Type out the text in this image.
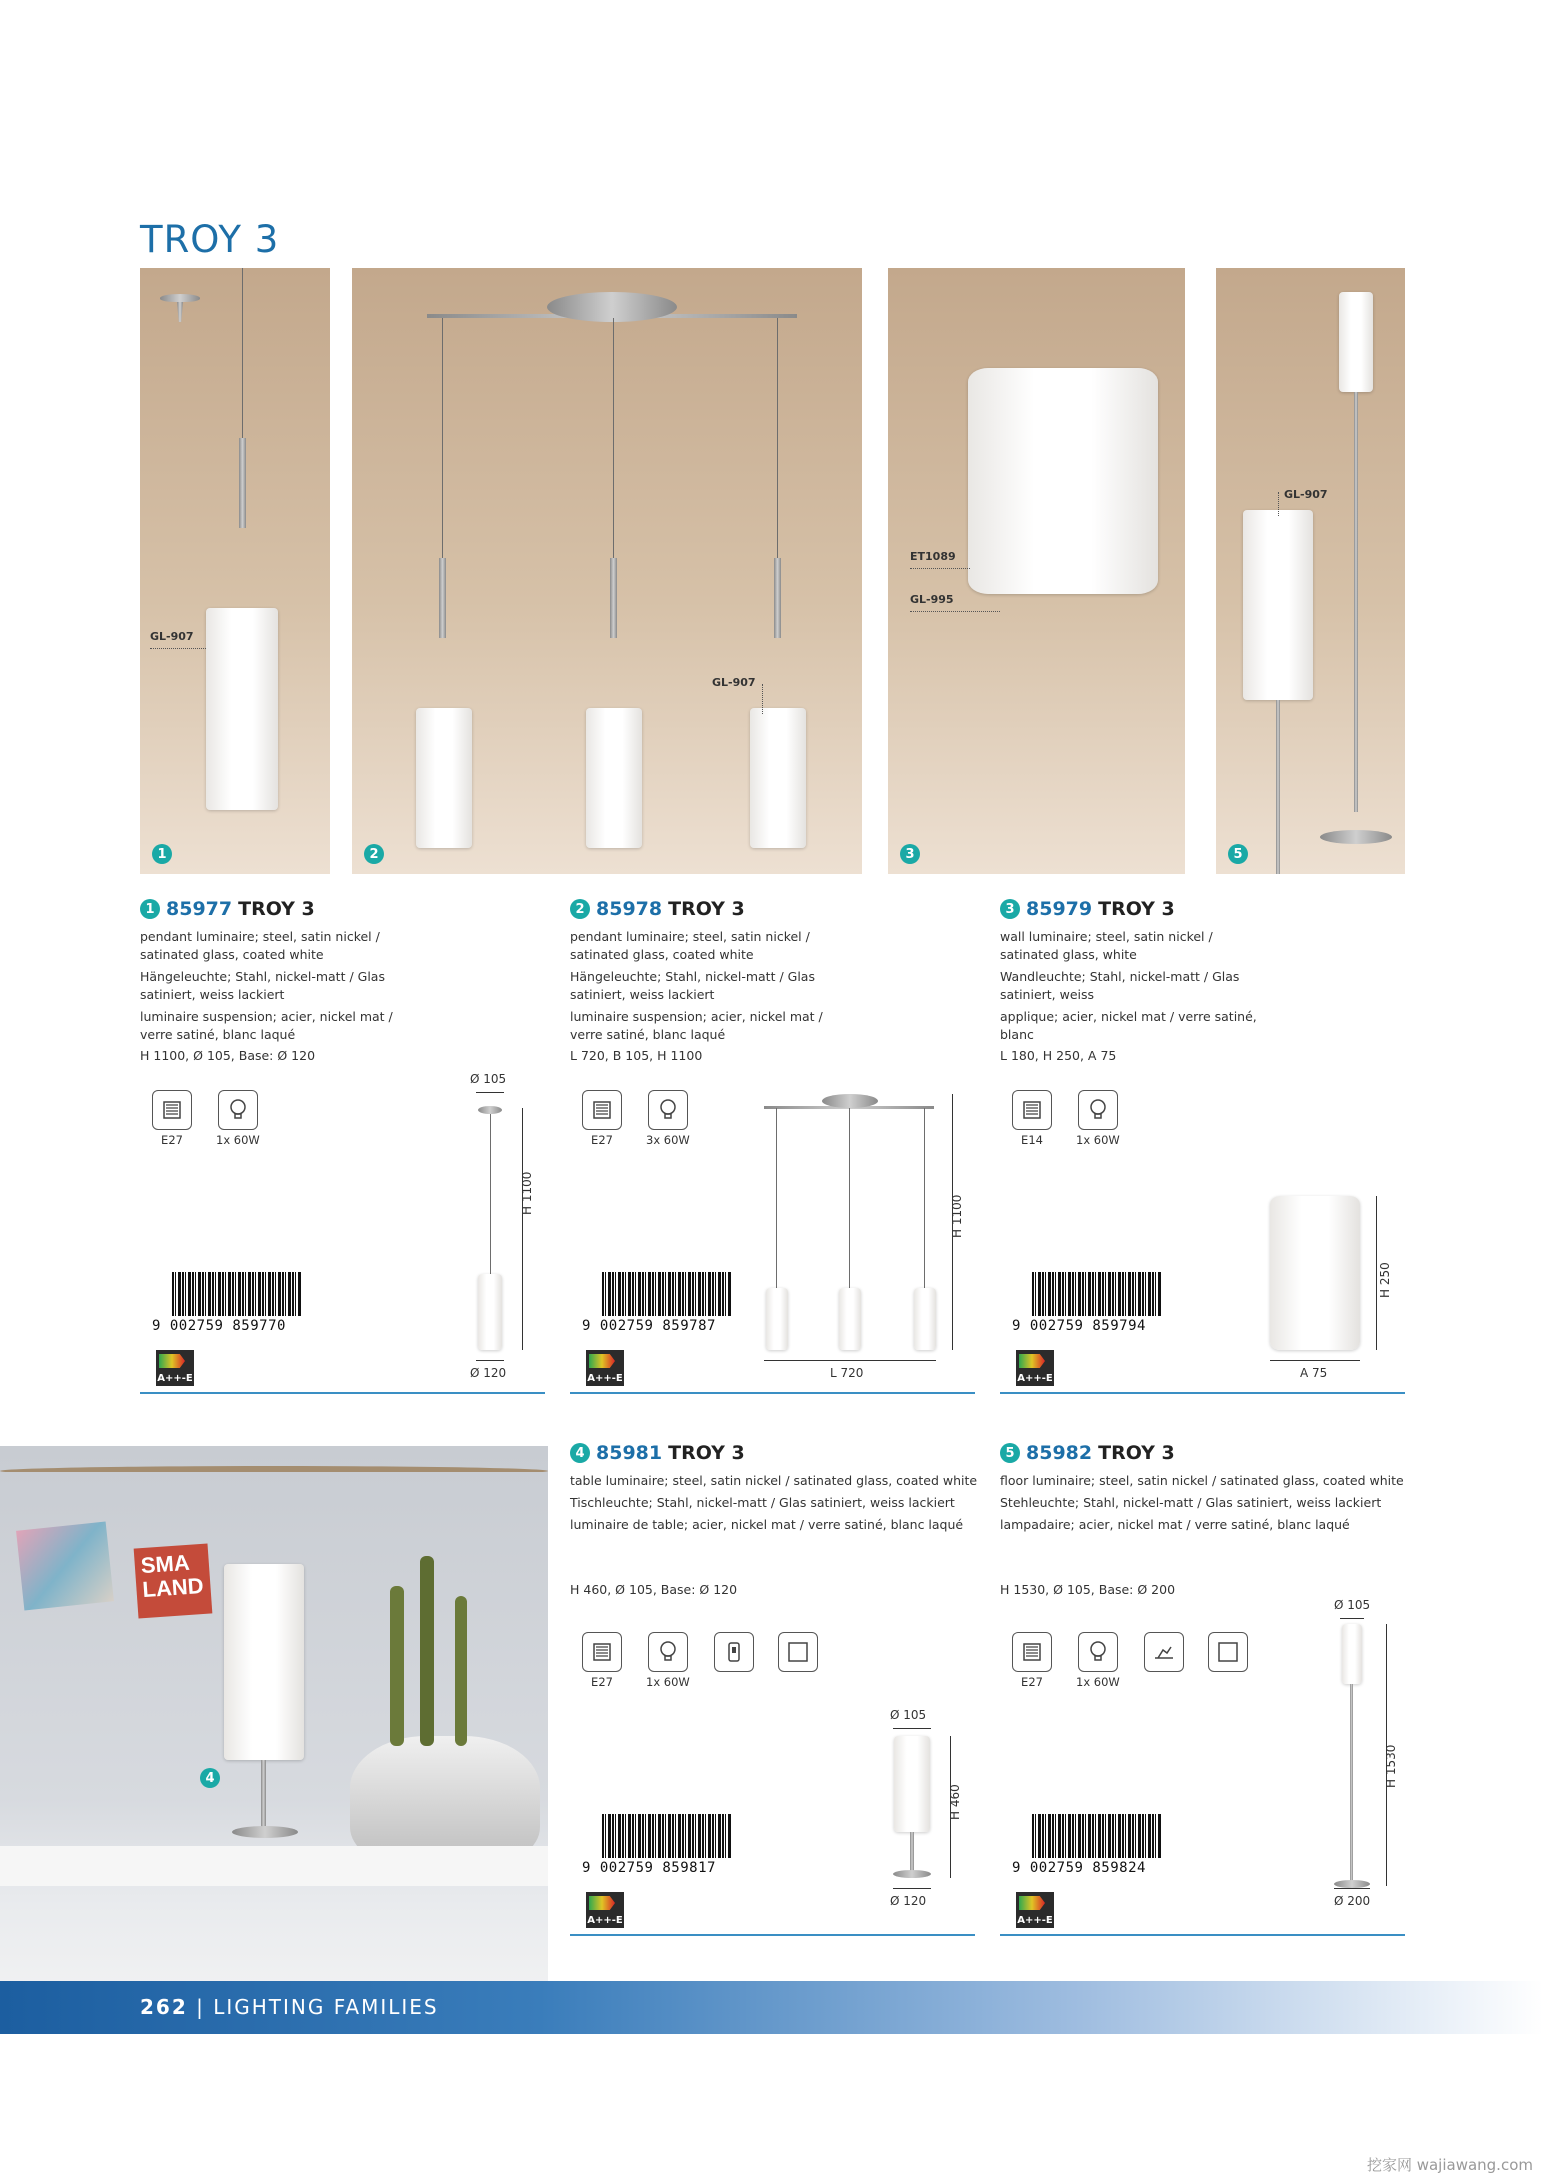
TROY 3
GL-907
1
GL-907
2
ET1089
GL-995
3
GL-907
5
1 85977 TROY 3

pendant luminaire; steel, satin nickel / satinated glass, coated white

Hängeleuchte; Stahl, nickel-matt / Glas satiniert, weiss lackiert

luminaire suspension; acier, nickel mat / verre satiné, blanc laqué

H 1100, Ø 105, Base: Ø 120
2 85978 TROY 3

pendant luminaire; steel, satin nickel / satinated glass, coated white

Hängeleuchte; Stahl, nickel-matt / Glas satiniert, weiss lackiert

luminaire suspension; acier, nickel mat / verre satiné, blanc laqué

L 720, B 105, H 1100
3 85979 TROY 3

wall luminaire; steel, satin nickel / satinated glass, white

Wandleuchte; Stahl, nickel-matt / Glas satiniert, weiss

applique; acier, nickel mat / verre satiné, blanc

L 180, H 250, A 75
E27	1x 60W	E27	3x 60W	E14	1x 60W
Ø 105
H 1100
Ø 120
H 1100
L 720
H 250
A 75
9 002759 859770	9 002759 859787	9 002759 859794
A++-E	A++-E	A++-E
SMA LAND
4
4 85981 TROY 3

table luminaire; steel, satin nickel / satinated glass, coated white

Tischleuchte; Stahl, nickel-matt / Glas satiniert, weiss lackiert

luminaire de table; acier, nickel mat / verre satiné, blanc laqué

H 460, Ø 105, Base: Ø 120
5 85982 TROY 3

floor luminaire; steel, satin nickel / satinated glass, coated white

Stehleuchte; Stahl, nickel-matt / Glas satiniert, weiss lackiert

lampadaire; acier, nickel mat / verre satiné, blanc laqué

H 1530, Ø 105, Base: Ø 200
E27	1x 60W	E27	1x 60W
Ø 105
H 460
Ø 120
Ø 105
H 1530
Ø 200
9 002759 859817	9 002759 859824
A++-E	A++-E
262 | LIGHTING FAMILIES
挖家网 wajiawang.com
